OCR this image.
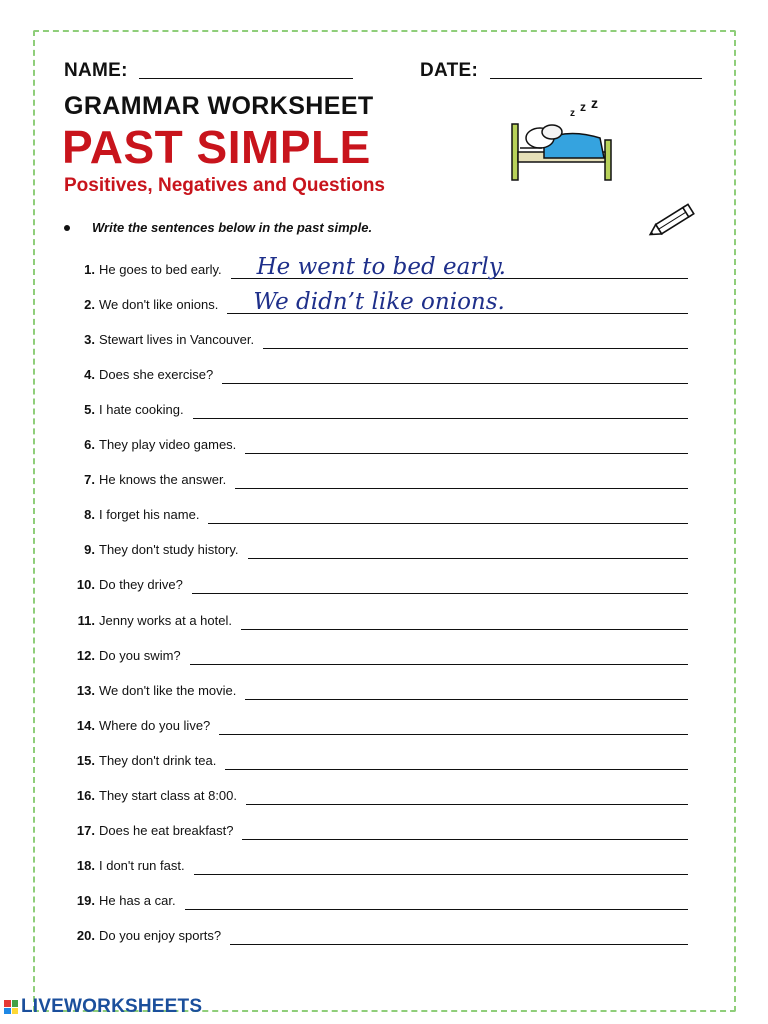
NAME:	DATE:
GRAMMAR WORKSHEET
PAST SIMPLE
Positives, Negatives and Questions
z z z
Write the sentences below in the past simple.
1. He goes to bed early. He went to bed early.
2. We don't like onions. We didn’t like onions.
3. Stewart lives in Vancouver.
4. Does she exercise?
5. I hate cooking.
6. They play video games.
7. He knows the answer.
8. I forget his name.
9. They don't study history.
10. Do they drive?
11. Jenny works at a hotel.
12. Do you swim?
13. We don't like the movie.
14. Where do you live?
15. They don't drink tea.
16. They start class at 8:00.
17. Does he eat breakfast?
18. I don't run fast.
19. He has a car.
20. Do you enjoy sports?
LIVEWORKSHEETS
